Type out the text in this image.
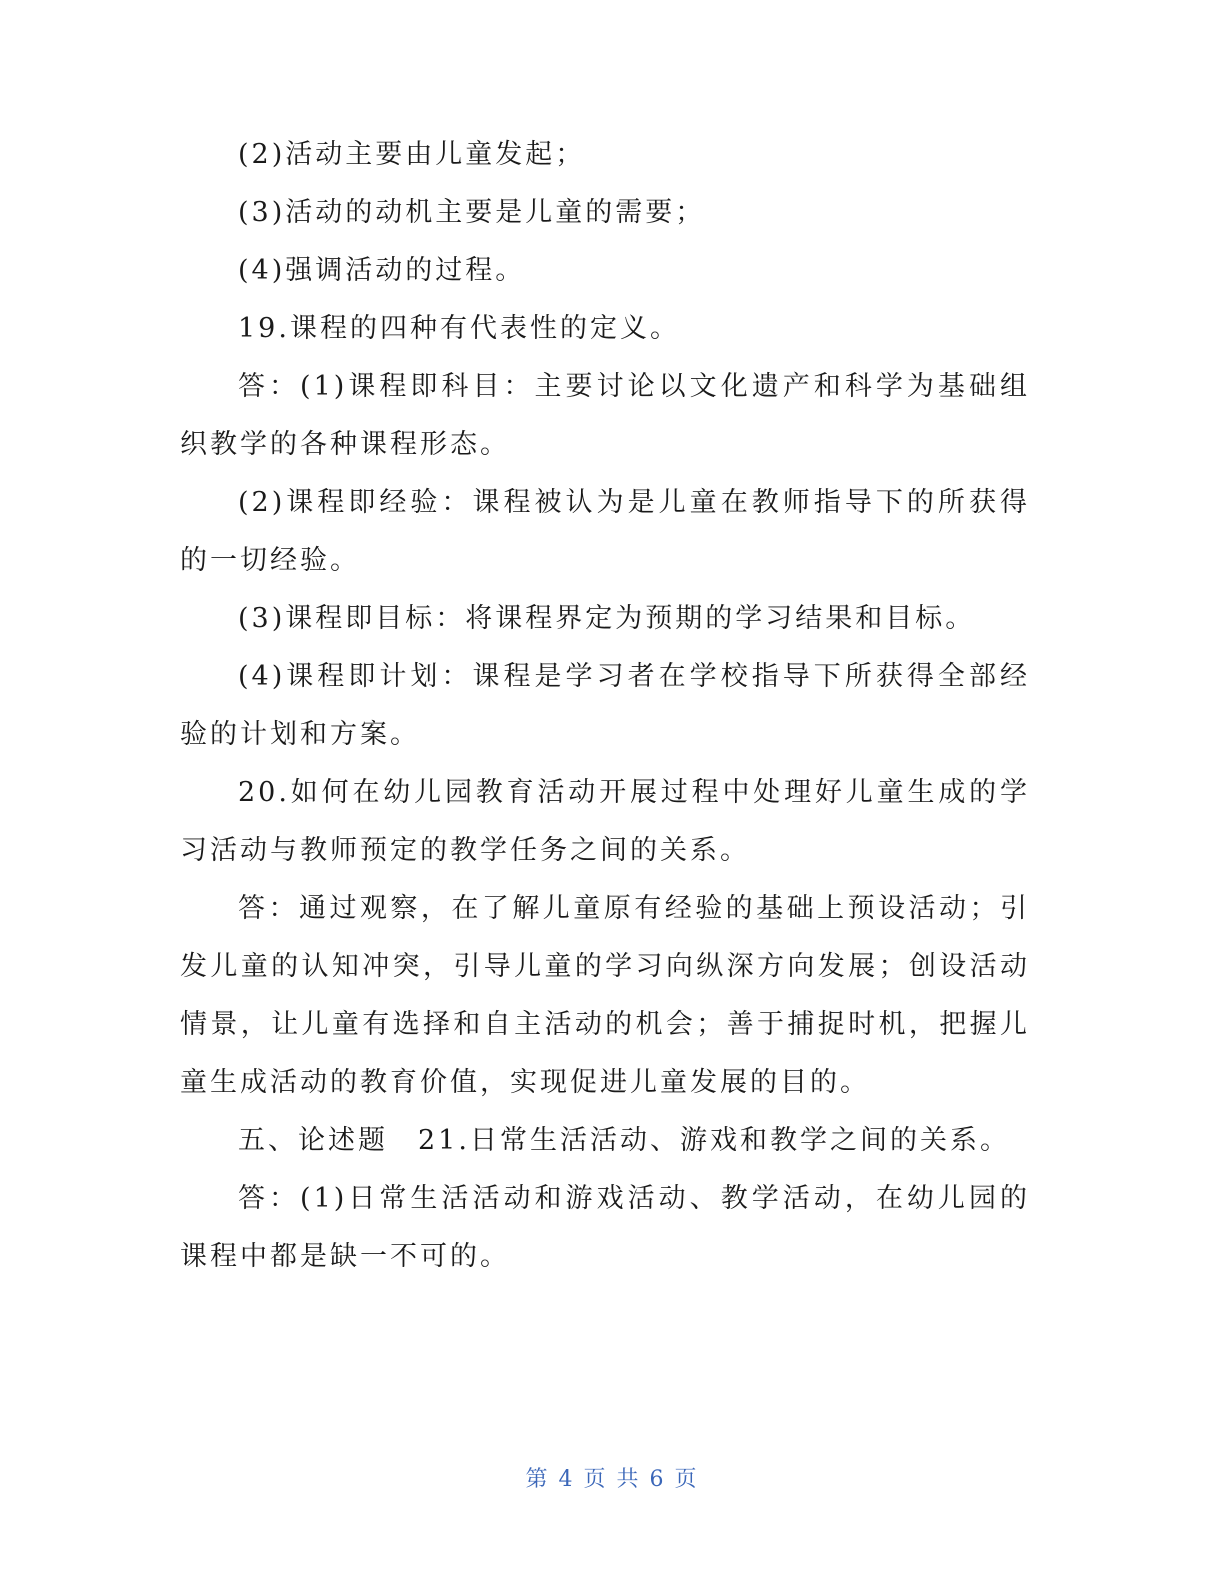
(2)活动主要由儿童发起；

(3)活动的动机主要是儿童的需要；

(4)强调活动的过程。

19.课程的四种有代表性的定义。

答：(1)课程即科目：主要讨论以文化遗产和科学为基础组织教学的各种课程形态。

(2)课程即经验：课程被认为是儿童在教师指导下的所获得的一切经验。

(3)课程即目标：将课程界定为预期的学习结果和目标。

(4)课程即计划：课程是学习者在学校指导下所获得全部经验的计划和方案。

20.如何在幼儿园教育活动开展过程中处理好儿童生成的学习活动与教师预定的教学任务之间的关系。

答：通过观察，在了解儿童原有经验的基础上预设活动；引发儿童的认知冲突，引导儿童的学习向纵深方向发展；创设活动情景，让儿童有选择和自主活动的机会；善于捕捉时机，把握儿童生成活动的教育价值，实现促进儿童发展的目的。

五、论述题　21.日常生活活动、游戏和教学之间的关系。

答：(1)日常生活活动和游戏活动、教学活动，在幼儿园的课程中都是缺一不可的。

第 4 页 共 6 页
